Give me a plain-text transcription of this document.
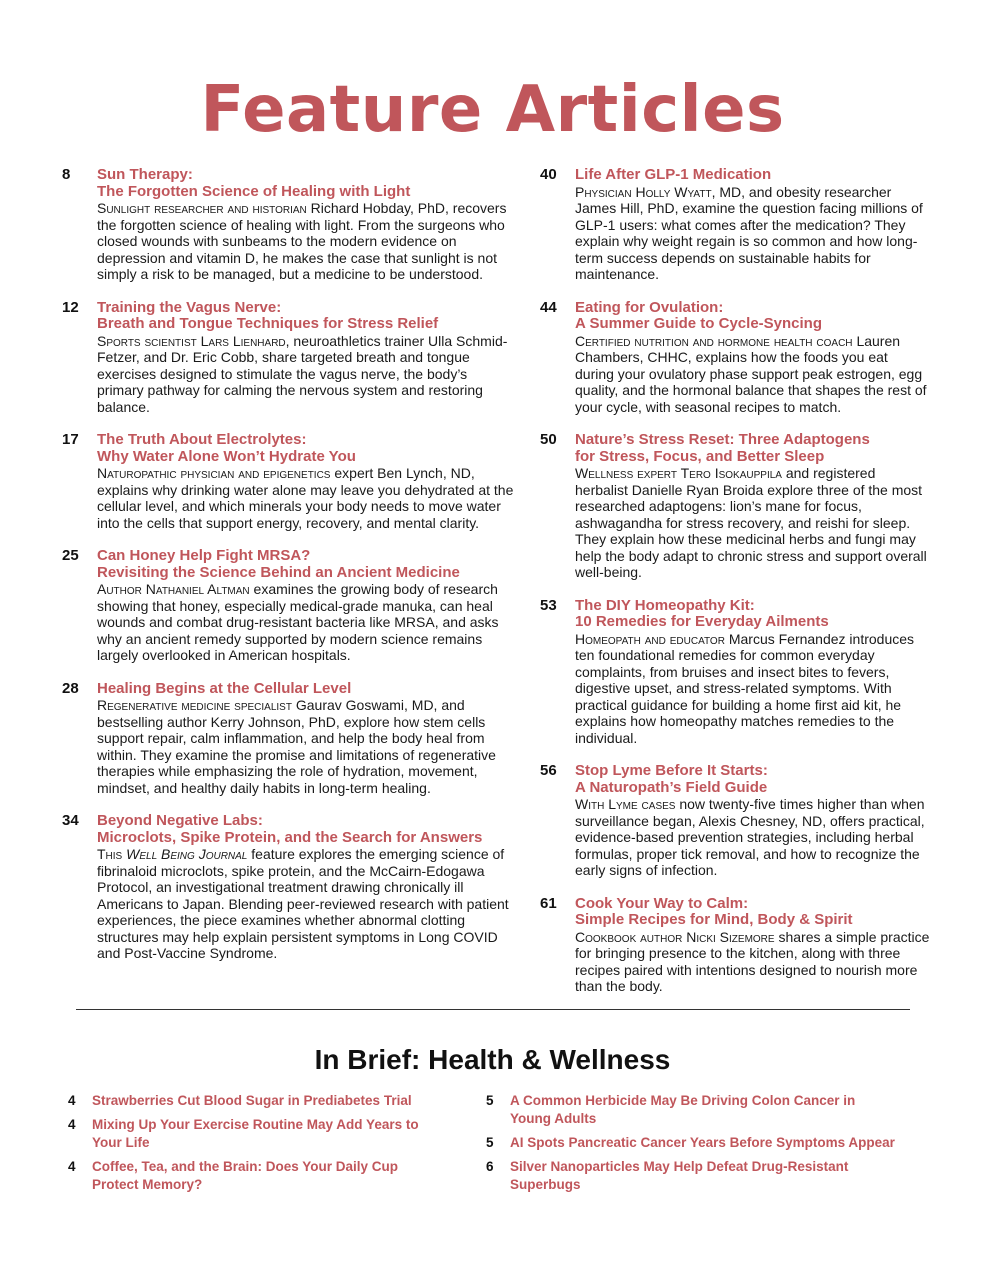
Feature Articles
8	Sun Therapy:
The Forgotten Science of Healing with Light
Sunlight researcher and historian Richard Hobday, PhD, recovers the forgotten science of healing with light. From the surgeons who closed wounds with sunbeams to the modern evidence on depression and vitamin D, he makes the case that sunlight is not simply a risk to be managed, but a medicine to be understood.
12	Training the Vagus Nerve:
Breath and Tongue Techniques for Stress Relief
Sports scientist Lars Lienhard, neuroathletics trainer Ulla Schmid-Fetzer, and Dr. Eric Cobb, share targeted breath and tongue exercises designed to stimulate the vagus nerve, the body’s primary pathway for calming the nervous system and restoring balance.
17	The Truth About Electrolytes:
Why Water Alone Won’t Hydrate You
Naturopathic physician and epigenetics expert Ben Lynch, ND, explains why drinking water alone may leave you dehydrated at the cellular level, and which minerals your body needs to move water into the cells that support energy, recovery, and mental clarity.
25	Can Honey Help Fight MRSA?
Revisiting the Science Behind an Ancient Medicine
Author Nathaniel Altman examines the growing body of research showing that honey, especially medical-grade manuka, can heal wounds and combat drug-resistant bacteria like MRSA, and asks why an ancient remedy supported by modern science remains largely overlooked in American hospitals.
28	Healing Begins at the Cellular Level
Regenerative medicine specialist Gaurav Goswami, MD, and bestselling author Kerry Johnson, PhD, explore how stem cells support repair, calm inflammation, and help the body heal from within. They examine the promise and limitations of regenerative therapies while emphasizing the role of hydration, movement, mindset, and healthy daily habits in long-term healing.
34	Beyond Negative Labs:
Microclots, Spike Protein, and the Search for Answers
This Well Being Journal feature explores the emerging science of fibrinaloid microclots, spike protein, and the McCairn-Edogawa Protocol, an investigational treatment drawing chronically ill Americans to Japan. Blending peer-reviewed research with patient experiences, the piece examines whether abnormal clotting structures may help explain persistent symptoms in Long COVID and Post-Vaccine Syndrome.
40	Life After GLP-1 Medication
Physician Holly Wyatt, MD, and obesity researcher James Hill, PhD, examine the question facing millions of GLP-1 users: what comes after the medication? They explain why weight regain is so common and how long-term success depends on sustainable habits for maintenance.
44	Eating for Ovulation:
A Summer Guide to Cycle-Syncing
Certified nutrition and hormone health coach Lauren Chambers, CHHC, explains how the foods you eat during your ovulatory phase support peak estrogen, egg quality, and the hormonal balance that shapes the rest of your cycle, with seasonal recipes to match.
50	Nature’s Stress Reset: Three Adaptogens
for Stress, Focus, and Better Sleep
Wellness expert Tero Isokauppila and registered herbalist Danielle Ryan Broida explore three of the most researched adaptogens: lion’s mane for focus, ashwagandha for stress recovery, and reishi for sleep. They explain how these medicinal herbs and fungi may help the body adapt to chronic stress and support overall well-being.
53	The DIY Homeopathy Kit:
10 Remedies for Everyday Ailments
Homeopath and educator Marcus Fernandez introduces ten foundational remedies for common everyday complaints, from bruises and insect bites to fevers, digestive upset, and stress-related symptoms. With practical guidance for building a home first aid kit, he explains how homeopathy matches remedies to the individual.
56	Stop Lyme Before It Starts:
A Naturopath’s Field Guide
With Lyme cases now twenty-five times higher than when surveillance began, Alexis Chesney, ND, offers practical, evidence-based prevention strategies, including herbal formulas, proper tick removal, and how to recognize the early signs of infection.
61	Cook Your Way to Calm:
Simple Recipes for Mind, Body & Spirit
Cookbook author Nicki Sizemore shares a simple practice for bringing presence to the kitchen, along with three recipes paired with intentions designed to nourish more than the body.
In Brief: Health & Wellness
4	Strawberries Cut Blood Sugar in Prediabetes Trial
4	Mixing Up Your Exercise Routine May Add Years to Your Life
4	Coffee, Tea, and the Brain: Does Your Daily Cup Protect Memory?
5	A Common Herbicide May Be Driving Colon Cancer in Young Adults
5	AI Spots Pancreatic Cancer Years Before Symptoms Appear
6	Silver Nanoparticles May Help Defeat Drug-Resistant Superbugs
